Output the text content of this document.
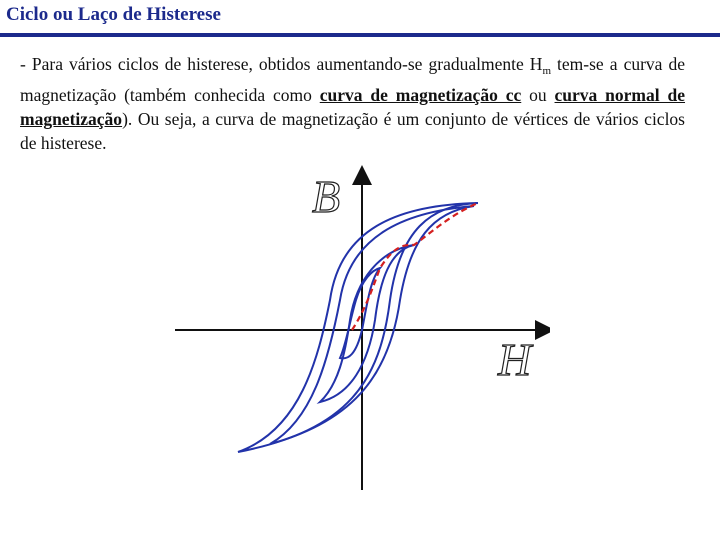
Ciclo ou Laço de Histerese
- Para vários ciclos de histerese, obtidos aumentando-se gradualmente $H_m$ tem-se a curva de magnetização (também conhecida como curva de magnetização cc ou curva normal de magnetização). Ou seja, a curva de magnetização é um conjunto de vértices de vários ciclos de histerese.
B
H
